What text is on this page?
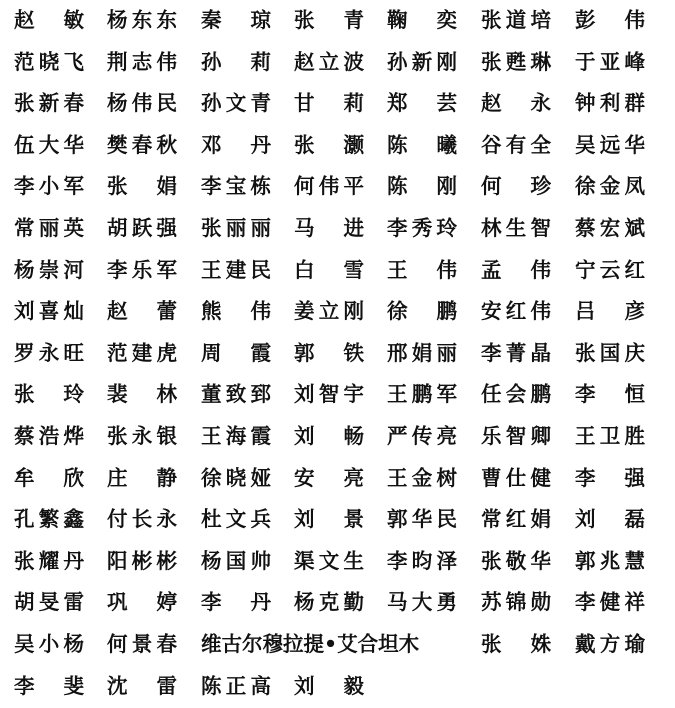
赵 敏 杨东东 秦 琼 张 青 鞠 奕 张道培 彭 伟
范晓飞 荆志伟 孙 莉 赵立波 孙新刚 张甦琳 于亚峰
张新春 杨伟民 孙文青 甘 莉 郑 芸 赵 永 钟利群
伍大华 樊春秋 邓 丹 张 灏 陈 曦 谷有全 吴远华
李小军 张 娟 李宝栋 何伟平 陈 刚 何 珍 徐金凤
常丽英 胡跃强 张丽丽 马 进 李秀玲 林生智 蔡宏斌
杨崇河 李乐军 王建民 白 雪 王 伟 孟 伟 宁云红
刘喜灿 赵 蕾 熊 伟 姜立刚 徐 鹏 安红伟 吕 彦
罗永旺 范建虎 周 霞 郭 铁 邢娟丽 李菁晶 张国庆
张 玲 裴 林 董致郅 刘智宇 王鹏军 任会鹏 李 恒
蔡浩烨 张永银 王海霞 刘 畅 严传亮 乐智卿 王卫胜
牟 欣 庄 静 徐晓娅 安 亮 王金树 曹仕健 李 强
孔繁鑫 付长永 杜文兵 刘 景 郭华民 常红娟 刘 磊
张耀丹 阳彬彬 杨国帅 渠文生 李昀泽 张敬华 郭兆慧
胡旻雷 巩 婷 李 丹 杨克勤 马大勇 苏锦勋 李健祥
吴小杨 何景春 维古尔穆拉提•艾合坦木	张 姝 戴方瑜
李 斐 沈 雷 陈正高 刘 毅
